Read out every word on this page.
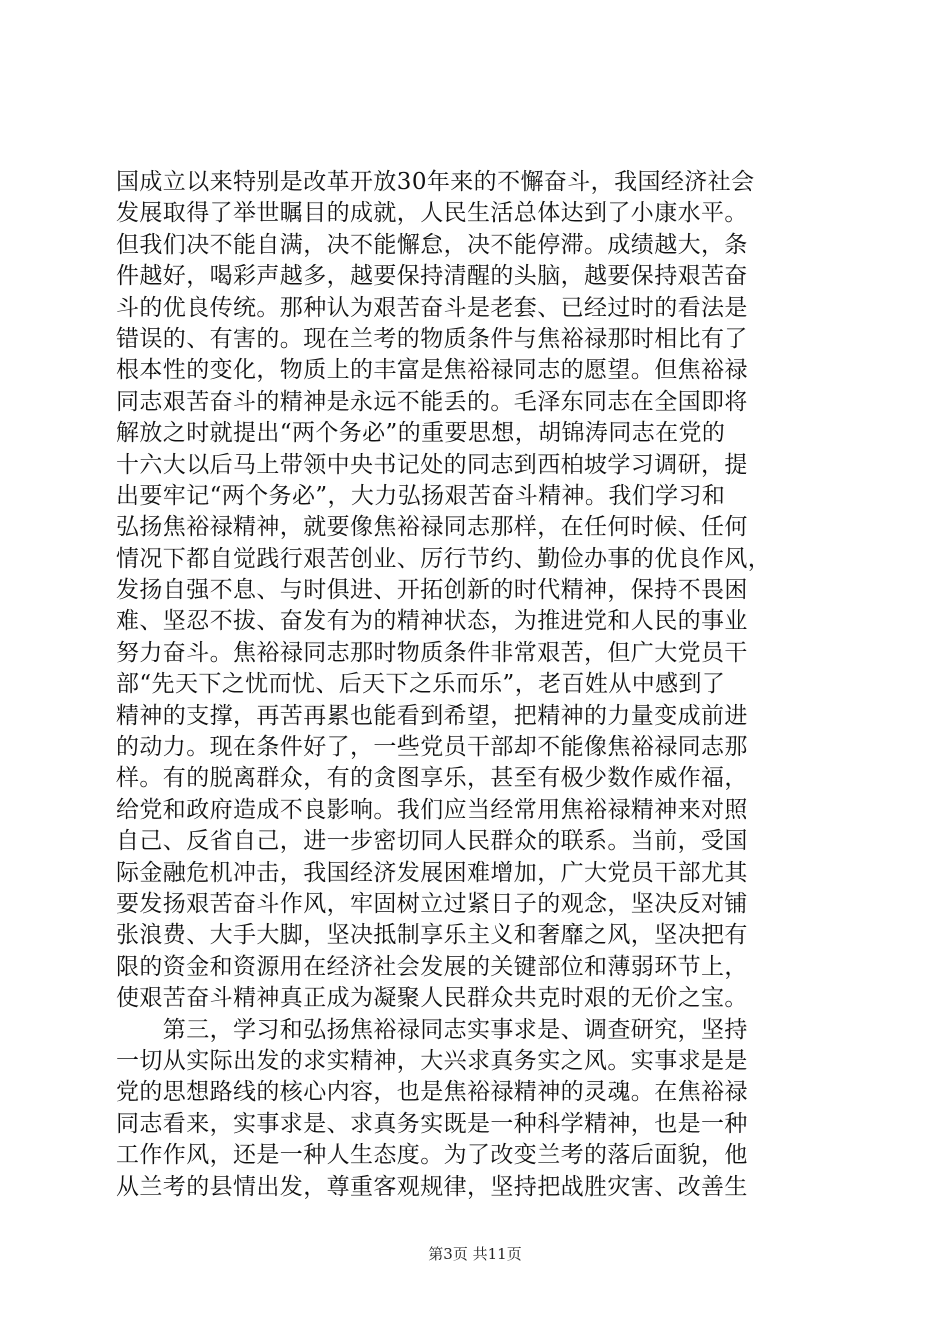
国成立以来特别是改革开放30年来的不懈奋斗，我国经济社会
发展取得了举世瞩目的成就，人民生活总体达到了小康水平。
但我们决不能自满，决不能懈怠，决不能停滞。成绩越大，条
件越好，喝彩声越多，越要保持清醒的头脑，越要保持艰苦奋
斗的优良传统。那种认为艰苦奋斗是老套、已经过时的看法是
错误的、有害的。现在兰考的物质条件与焦裕禄那时相比有了
根本性的变化，物质上的丰富是焦裕禄同志的愿望。但焦裕禄
同志艰苦奋斗的精神是永远不能丢的。毛泽东同志在全国即将
解放之时就提出“两个务必”的重要思想，胡锦涛同志在党的
十六大以后马上带领中央书记处的同志到西柏坡学习调研，提
出要牢记“两个务必”，大力弘扬艰苦奋斗精神。我们学习和
弘扬焦裕禄精神，就要像焦裕禄同志那样，在任何时候、任何
情况下都自觉践行艰苦创业、厉行节约、勤俭办事的优良作风，
发扬自强不息、与时俱进、开拓创新的时代精神，保持不畏困
难、坚忍不拔、奋发有为的精神状态，为推进党和人民的事业
努力奋斗。焦裕禄同志那时物质条件非常艰苦，但广大党员干
部“先天下之忧而忧、后天下之乐而乐”，老百姓从中感到了
精神的支撑，再苦再累也能看到希望，把精神的力量变成前进
的动力。现在条件好了，一些党员干部却不能像焦裕禄同志那
样。有的脱离群众，有的贪图享乐，甚至有极少数作威作福，
给党和政府造成不良影响。我们应当经常用焦裕禄精神来对照
自己、反省自己，进一步密切同人民群众的联系。当前，受国
际金融危机冲击，我国经济发展困难增加，广大党员干部尤其
要发扬艰苦奋斗作风，牢固树立过紧日子的观念，坚决反对铺
张浪费、大手大脚，坚决抵制享乐主义和奢靡之风，坚决把有
限的资金和资源用在经济社会发展的关键部位和薄弱环节上，
使艰苦奋斗精神真正成为凝聚人民群众共克时艰的无价之宝。
　　第三，学习和弘扬焦裕禄同志实事求是、调查研究，坚持
一切从实际出发的求实精神，大兴求真务实之风。实事求是是
党的思想路线的核心内容，也是焦裕禄精神的灵魂。在焦裕禄
同志看来，实事求是、求真务实既是一种科学精神，也是一种
工作作风，还是一种人生态度。为了改变兰考的落后面貌，他
从兰考的县情出发，尊重客观规律，坚持把战胜灾害、改善生
第3页 共11页
